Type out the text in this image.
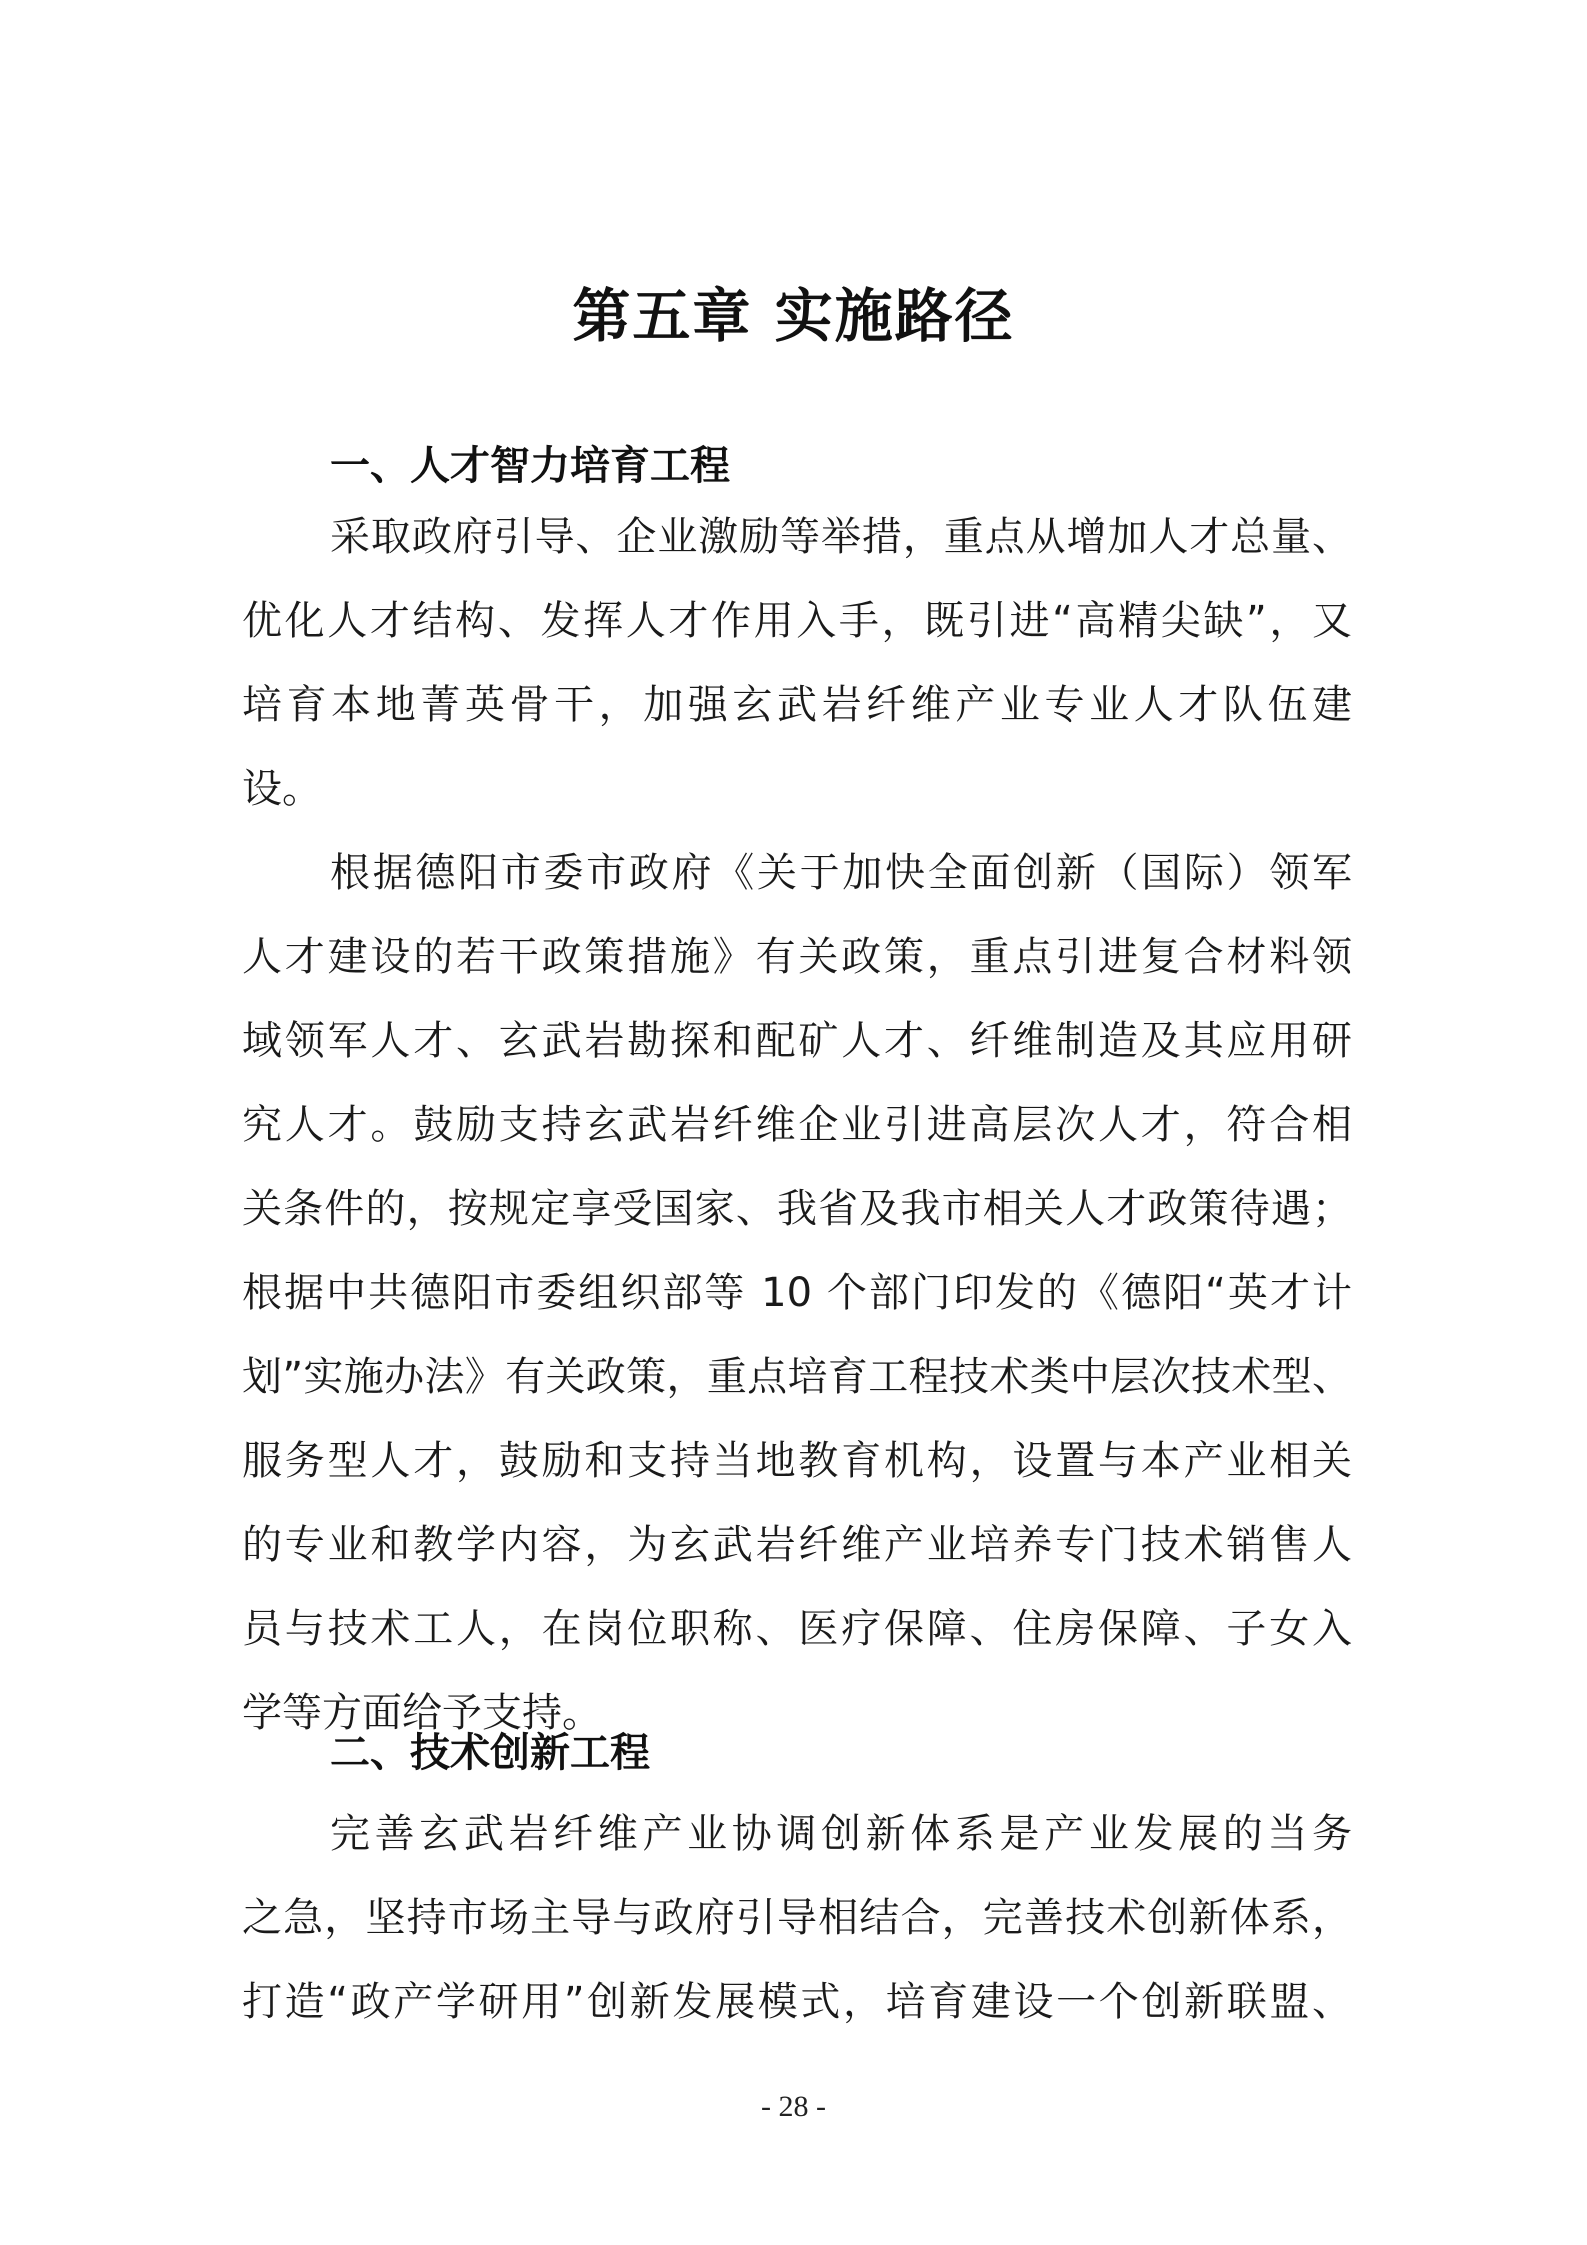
第五章 实施路径
一、人才智力培育工程

采取政府引导、企业激励等举措，重点从增加人才总量、

优化人才结构、发挥人才作用入手，既引进“高精尖缺”，又

培育本地菁英骨干，加强玄武岩纤维产业专业人才队伍建

设。

根据德阳市委市政府《关于加快全面创新（国际）领军

人才建设的若干政策措施》有关政策，重点引进复合材料领

域领军人才、玄武岩勘探和配矿人才、纤维制造及其应用研

究人才。鼓励支持玄武岩纤维企业引进高层次人才，符合相

关条件的，按规定享受国家、我省及我市相关人才政策待遇；

根据中共德阳市委组织部等 10 个部门印发的《德阳“英才计

划”实施办法》有关政策，重点培育工程技术类中层次技术型、

服务型人才，鼓励和支持当地教育机构，设置与本产业相关

的专业和教学内容，为玄武岩纤维产业培养专门技术销售人

员与技术工人，在岗位职称、医疗保障、住房保障、子女入

学等方面给予支持。

二、技术创新工程

完善玄武岩纤维产业协调创新体系是产业发展的当务

之急，坚持市场主导与政府引导相结合，完善技术创新体系，

打造“政产学研用”创新发展模式，培育建设一个创新联盟、

- 28 -
